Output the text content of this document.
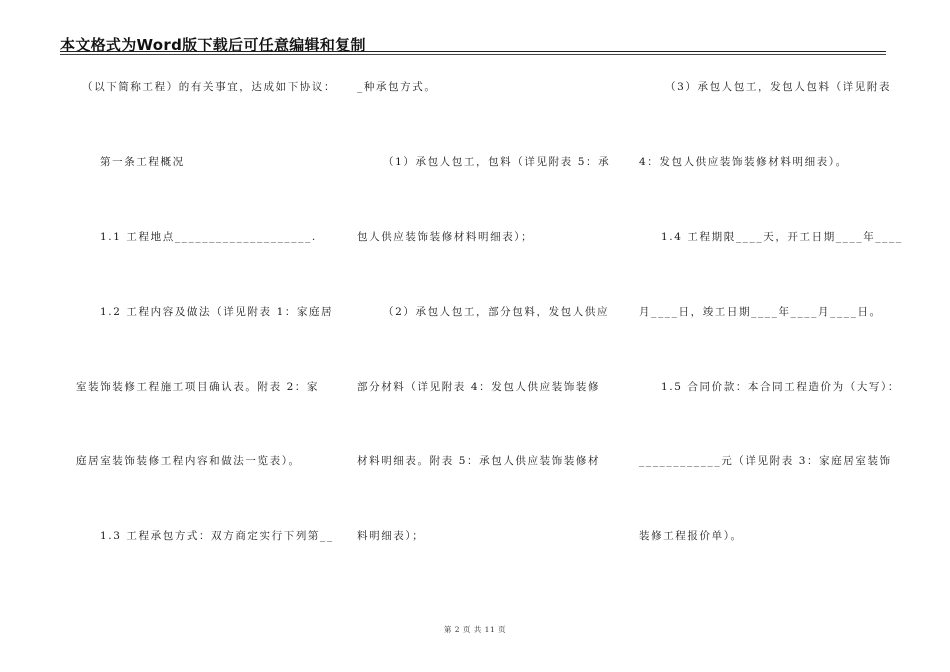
本文格式为Word版下载后可任意编辑和复制
（以下简称工程）的有关事宜，达成如下协议：
第一条工程概况
1.1 工程地点____________________.
1.2 工程内容及做法（详见附表 1：家庭居
室装饰装修工程施工项目确认表。附表 2：家
庭居室装饰装修工程内容和做法一览表）。
1.3 工程承包方式：双方商定实行下列第__
_种承包方式。
（1）承包人包工，包料（详见附表 5：承
包人供应装饰装修材料明细表）；
（2）承包人包工，部分包料，发包人供应
部分材料（详见附表 4：发包人供应装饰装修
材料明细表。附表 5：承包人供应装饰装修材
料明细表）；
（3）承包人包工，发包人包料（详见附表
4：发包人供应装饰装修材料明细表）。
1.4 工程期限____天，开工日期____年____
月____日，竣工日期____年____月____日。
1.5 合同价款：本合同工程造价为（大写）：
____________元（详见附表 3：家庭居室装饰
装修工程报价单）。
第 2 页 共 11 页
